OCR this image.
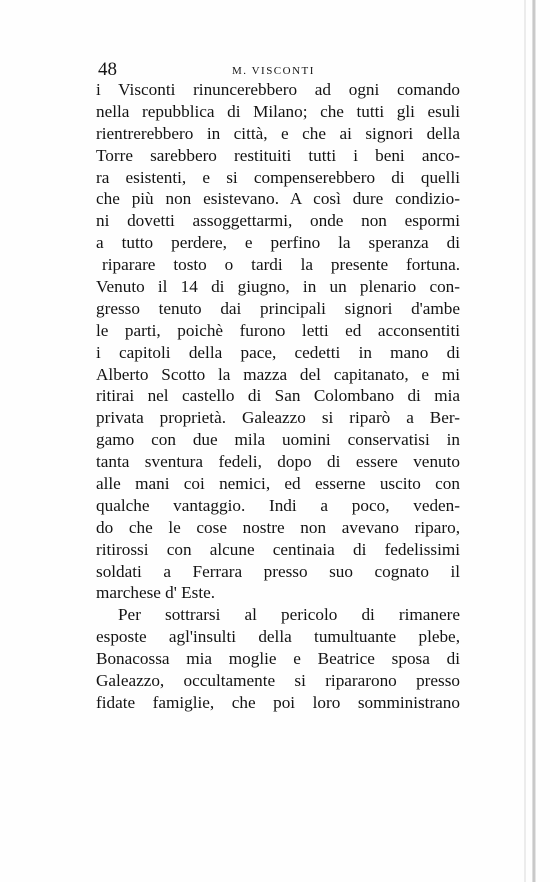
48	M. VISCONTI
i Visconti rinuncerebbero ad ogni comando
nella repubblica di Milano; che tutti gli esuli
rientrerebbero in città, e che ai signori della
Torre sarebbero restituiti tutti i beni anco-
ra esistenti, e si compenserebbero di quelli
che più non esistevano. A così dure condizio-
ni dovetti assoggettarmi, onde non espormi
a tutto perdere, e perfino la speranza di
riparare tosto o tardi la presente fortuna.
Venuto il 14 di giugno, in un plenario con-
gresso tenuto dai principali signori d'ambe
le parti, poichè furono letti ed acconsentiti
i capitoli della pace, cedetti in mano di
Alberto Scotto la mazza del capitanato, e mi
ritirai nel castello di San Colombano di mia
privata proprietà. Galeazzo si riparò a Ber-
gamo con due mila uomini conservatisi in
tanta sventura fedeli, dopo di essere venuto
alle mani coi nemici, ed esserne uscito con
qualche vantaggio. Indi a poco, veden-
do che le cose nostre non avevano riparo,
ritirossi con alcune centinaia di fedelissimi
soldati a Ferrara presso suo cognato il
marchese d' Este.
Per sottrarsi al pericolo di rimanere
esposte agl'insulti della tumultuante plebe,
Bonacossa mia moglie e Beatrice sposa di
Galeazzo, occultamente si ripararono presso
fidate famiglie, che poi loro somministrano
